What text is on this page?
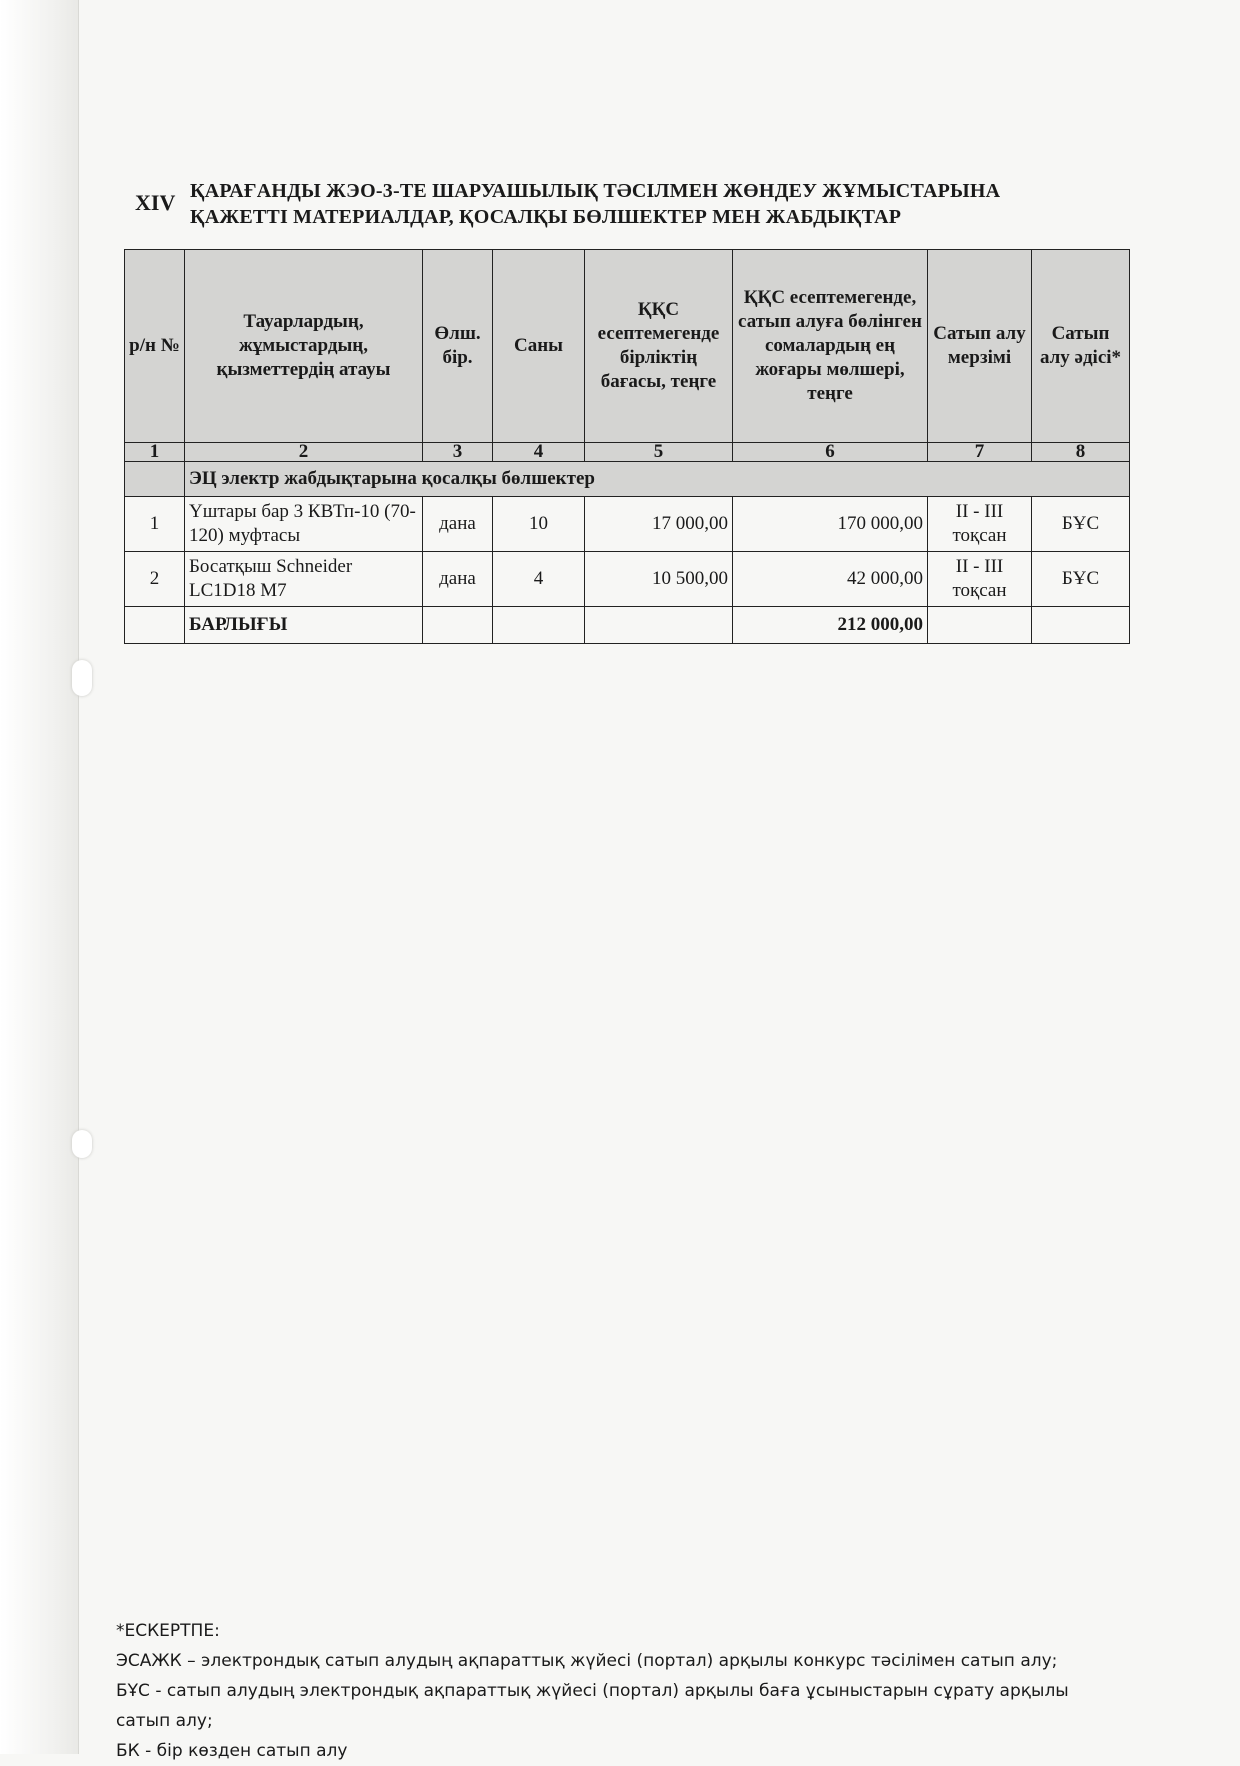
XIV ҚАРАҒАНДЫ ЖЭО-3-ТЕ ШАРУАШЫЛЫҚ ТӘСІЛМЕН ЖӨНДЕУ ЖҰМЫСТАРЫНА
ҚАЖЕТТІ МАТЕРИАЛДАР, ҚОСАЛҚЫ БӨЛШЕКТЕР МЕН ЖАБДЫҚТАР
р/н №	Тауарлардың, жұмыстардың, қызметтердің атауы	Өлш. бір.	Саны	ҚҚС есептемегенде бірліктің бағасы, теңге	ҚҚС есептемегенде, сатып алуға бөлінген сомалардың ең жоғары мөлшері, теңге	Сатып алу мерзімі	Сатып алу әдісі*
1	2	3	4	5	6	7	8
	ЭЦ электр жабдықтарына қосалқы бөлшектер						
1	Үштары бар 3 КВТп-10 (70-120) муфтасы	дана	10	17 000,00	170 000,00	II - III тоқсан	БҰС
2	Босатқыш Schneider LC1D18 M7	дана	4	10 500,00	42 000,00	II - III тоқсан	БҰС
	БАРЛЫҒЫ				212 000,00		
*ЕСКЕРТПЕ:
ЭСАЖК – электрондық сатып алудың ақпараттық жүйесі (портал) арқылы конкурс тәсілімен сатып алу;
БҰС - сатып алудың электрондық ақпараттық жүйесі (портал) арқылы баға ұсыныстарын сұрату арқылы
сатып алу;
БК - бір көзден сатып алу
